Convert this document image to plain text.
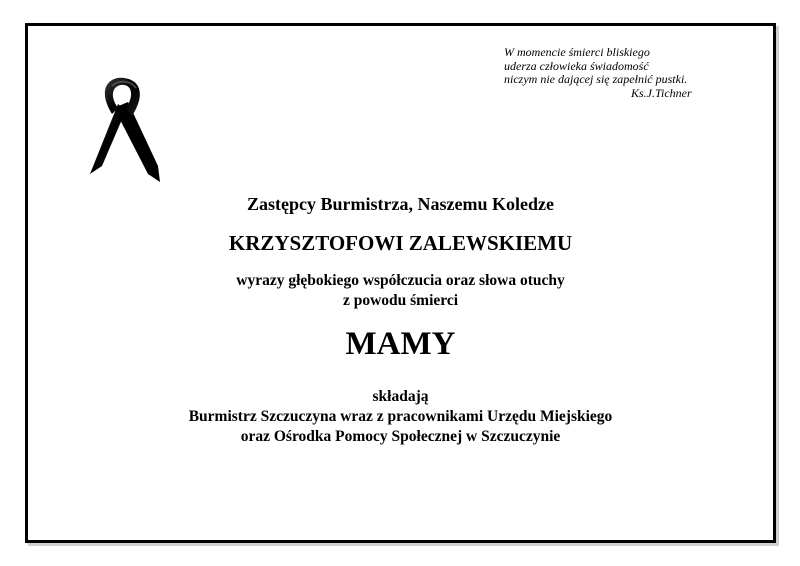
W momencie śmierci bliskiego
uderza człowieka świadomość
niczym nie dającej się zapełnić pustki.
Ks.J.Tichner
Zastępcy Burmistrza, Naszemu Koledze
KRZYSZTOFOWI ZALEWSKIEMU
wyrazy głębokiego współczucia oraz słowa otuchy
z powodu śmierci
MAMY
składają
Burmistrz Szczuczyna wraz z pracownikami Urzędu Miejskiego
oraz Ośrodka Pomocy Społecznej w Szczuczynie
